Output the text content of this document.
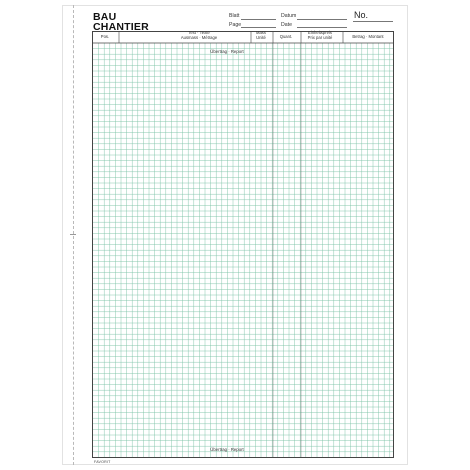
BAU
CHANTIER
Blatt
Page
Datum
Date
No.
Pos.
Text · Texte
Ausmass · Métrage
Mass
Unité	Quant.
Einheitspreis
Prix par unité	Betrag · Montant
Übertrag · Report
Übertrag · Report
FAVORIT
